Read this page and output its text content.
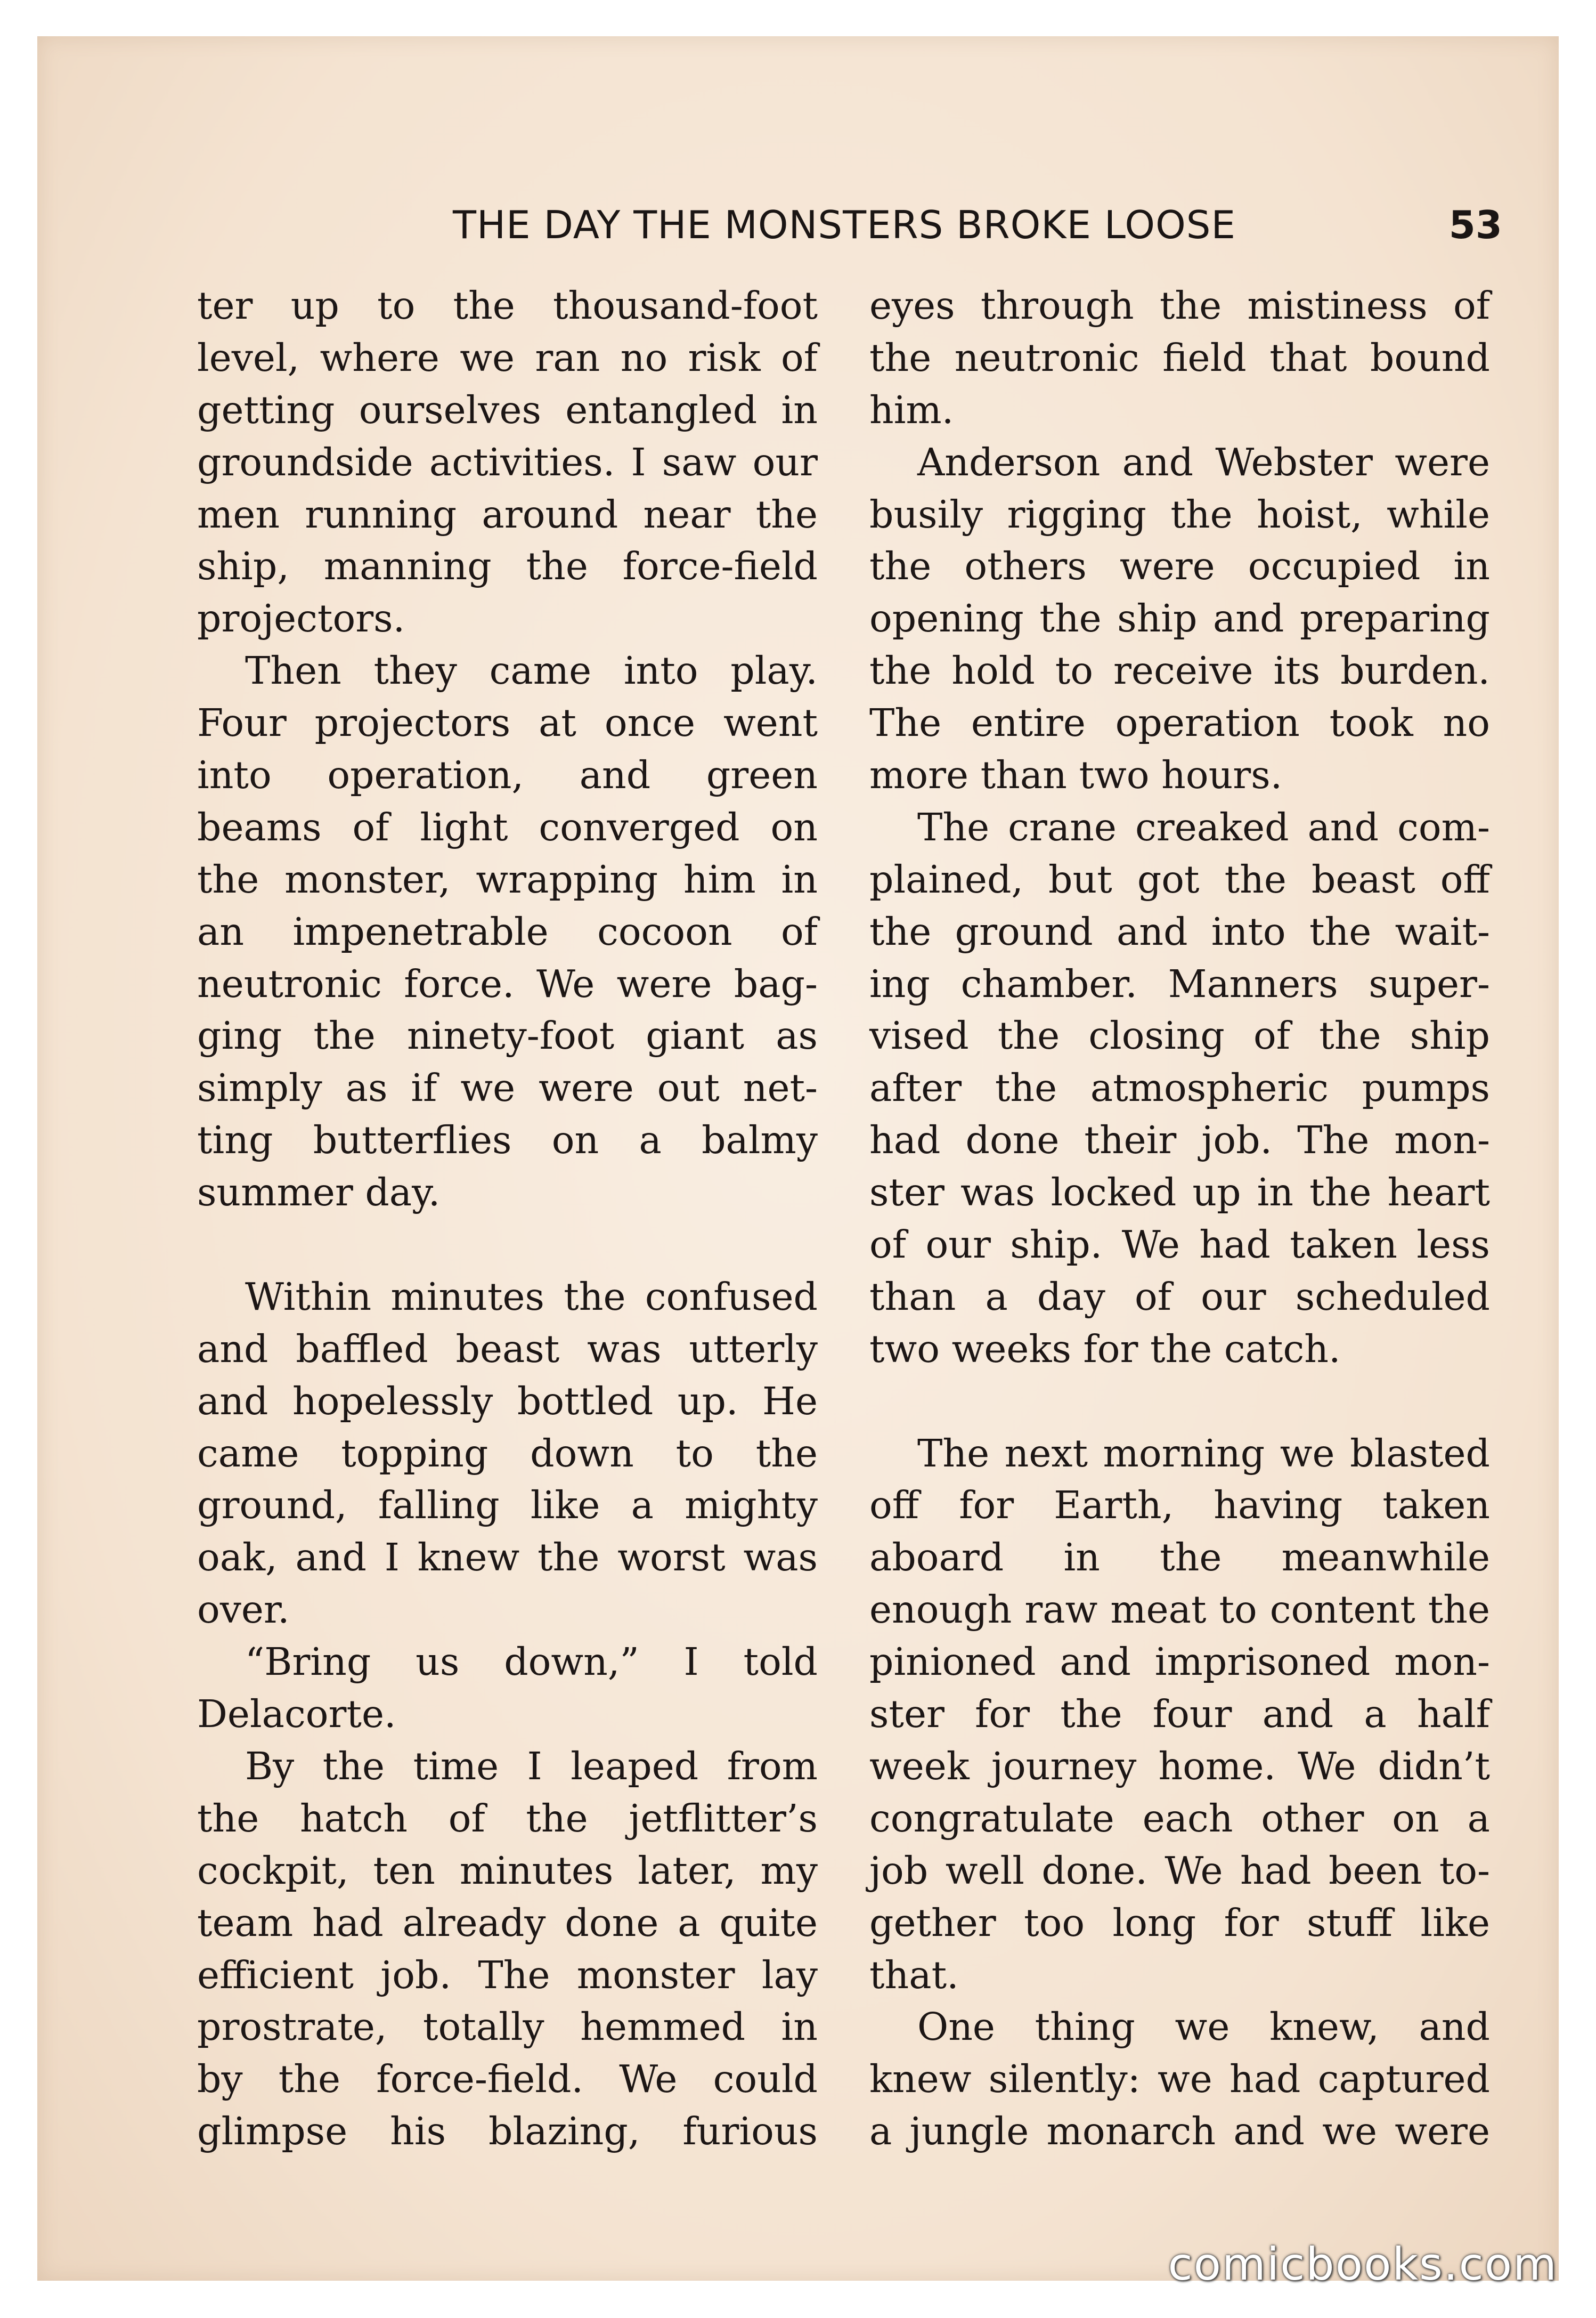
THE DAY THE MONSTERS BROKE LOOSE	53
ter up to the thousand-foot
level, where we ran no risk of
getting ourselves entangled in
groundside activities. I saw our
men running around near the
ship, manning the force-field
projectors.
Then they came into play.
Four projectors at once went
into operation, and green
beams of light converged on
the monster, wrapping him in
an impenetrable cocoon of
neutronic force. We were bag-
ging the ninety-foot giant as
simply as if we were out net-
ting butterflies on a balmy
summer day.
Within minutes the confused
and baffled beast was utterly
and hopelessly bottled up. He
came topping down to the
ground, falling like a mighty
oak, and I knew the worst was
over.
“Bring us down,” I told
Delacorte.
By the time I leaped from
the hatch of the jetflitter’s
cockpit, ten minutes later, my
team had already done a quite
efficient job. The monster lay
prostrate, totally hemmed in
by the force-field. We could
glimpse his blazing, furious
eyes through the mistiness of
the neutronic field that bound
him.
Anderson and Webster were
busily rigging the hoist, while
the others were occupied in
opening the ship and preparing
the hold to receive its burden.
The entire operation took no
more than two hours.
The crane creaked and com-
plained, but got the beast off
the ground and into the wait-
ing chamber. Manners super-
vised the closing of the ship
after the atmospheric pumps
had done their job. The mon-
ster was locked up in the heart
of our ship. We had taken less
than a day of our scheduled
two weeks for the catch.
The next morning we blasted
off for Earth, having taken
aboard in the meanwhile
enough raw meat to content the
pinioned and imprisoned mon-
ster for the four and a half
week journey home. We didn’t
congratulate each other on a
job well done. We had been to-
gether too long for stuff like
that.
One thing we knew, and
knew silently: we had captured
a jungle monarch and we were
comicbooks.com
